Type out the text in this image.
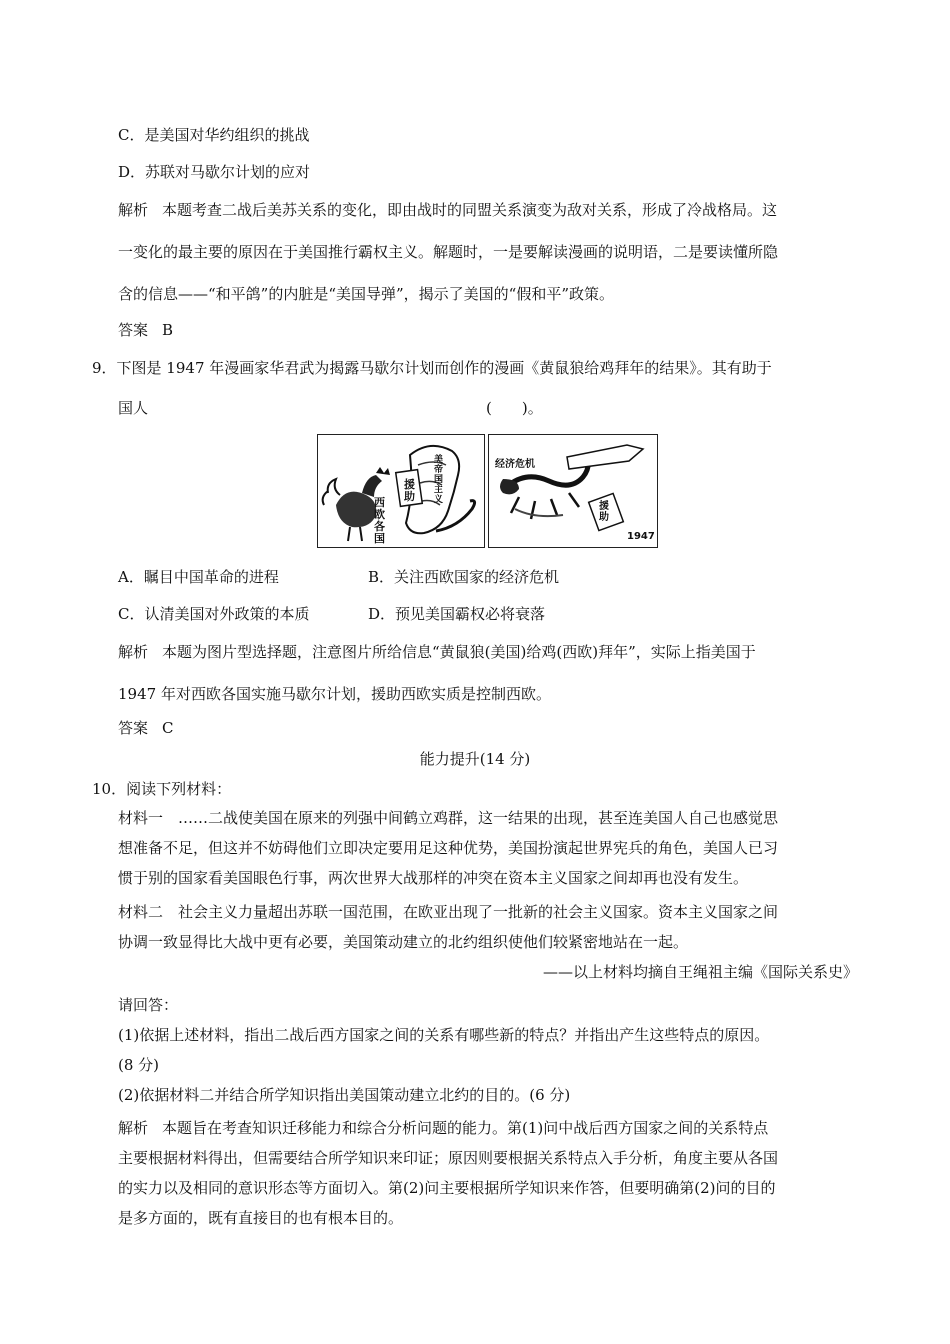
C．是美国对华约组织的挑战
D．苏联对马歇尔计划的应对
解析 本题考查二战后美苏关系的变化，即由战时的同盟关系演变为敌对关系，形成了冷战格局。这
一变化的最主要的原因在于美国推行霸权主义。解题时，一是要解读漫画的说明语，二是要读懂所隐
含的信息——“和平鸽”的内脏是“美国导弹”，揭示了美国的“假和平”政策。
答案 B
9．下图是 1947 年漫画家华君武为揭露马歇尔计划而创作的漫画《黄鼠狼给鸡拜年的结果》。其有助于
国人	(　　)。
西欧各国
援助
美帝国主义
经济危机
援助
1947
A．瞩目中国革命的进程	B．关注西欧国家的经济危机
C．认清美国对外政策的本质	D．预见美国霸权必将衰落
解析 本题为图片型选择题，注意图片所给信息“黄鼠狼(美国)给鸡(西欧)拜年”，实际上指美国于
1947 年对西欧各国实施马歇尔计划，援助西欧实质是控制西欧。
答案 C
能力提升(14 分)
10．阅读下列材料：
材料一　……二战使美国在原来的列强中间鹤立鸡群，这一结果的出现，甚至连美国人自己也感觉思
想准备不足，但这并不妨碍他们立即决定要用足这种优势，美国扮演起世界宪兵的角色，美国人已习
惯于别的国家看美国眼色行事，两次世界大战那样的冲突在资本主义国家之间却再也没有发生。
材料二　社会主义力量超出苏联一国范围，在欧亚出现了一批新的社会主义国家。资本主义国家之间
协调一致显得比大战中更有必要，美国策动建立的北约组织使他们较紧密地站在一起。
——以上材料均摘自王绳祖主编《国际关系史》
请回答：
(1)依据上述材料，指出二战后西方国家之间的关系有哪些新的特点？并指出产生这些特点的原因。
(8 分)
(2)依据材料二并结合所学知识指出美国策动建立北约的目的。(6 分)
解析 本题旨在考查知识迁移能力和综合分析问题的能力。第(1)问中战后西方国家之间的关系特点
主要根据材料得出，但需要结合所学知识来印证；原因则要根据关系特点入手分析，角度主要从各国
的实力以及相同的意识形态等方面切入。第(2)问主要根据所学知识来作答，但要明确第(2)问的目的
是多方面的，既有直接目的也有根本目的。
